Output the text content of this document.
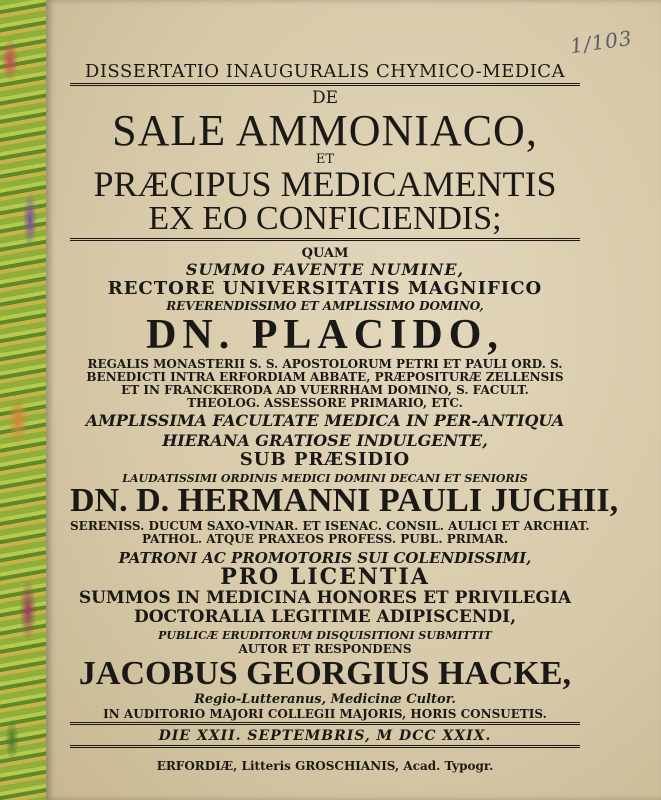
1/103
DISSERTATIO INAUGURALIS CHYMICO-MEDICA
DE
SALE AMMONIACO,
ET
PRÆCIPUS MEDICAMENTIS
EX EO CONFICIENDIS;
QUAM
SUMMO FAVENTE NUMINE,
RECTORE UNIVERSITATIS MAGNIFICO
REVERENDISSIMO ET AMPLISSIMO DOMINO,
DN. PLACIDO,
REGALIS MONASTERII S. S. APOSTOLORUM PETRI ET PAULI ORD. S.
BENEDICTI INTRA ERFORDIAM ABBATE, PRÆPOSITURÆ ZELLENSIS
ET IN FRANCKERODA AD VUERRHAM DOMINO, S. FACULT.
THEOLOG. ASSESSORE PRIMARIO, ETC.
AMPLISSIMA FACULTATE MEDICA IN PER-ANTIQUA
HIERANA GRATIOSE INDULGENTE,
SUB PRÆSIDIO
LAUDATISSIMI ORDINIS MEDICI DOMINI DECANI ET SENIORIS
DN. D. HERMANNI PAULI JUCHII,
SERENISS. DUCUM SAXO-VINAR. ET ISENAC. CONSIL. AULICI ET ARCHIAT.
PATHOL. ATQUE PRAXEOS PROFESS. PUBL. PRIMAR.
PATRONI AC PROMOTORIS SUI COLENDISSIMI,
PRO LICENTIA
SUMMOS IN MEDICINA HONORES ET PRIVILEGIA
DOCTORALIA LEGITIME ADIPISCENDI,
PUBLICÆ ERUDITORUM DISQUISITIONI SUBMITTIT
AUTOR ET RESPONDENS
JACOBUS GEORGIUS HACKE,
Regio-Lutteranus, Medicinæ Cultor.
IN AUDITORIO MAJORI COLLEGII MAJORIS, HORIS CONSUETIS.
DIE XXII. SEPTEMBRIS, M DCC XXIX.
ERFORDIÆ, Litteris GROSCHIANIS, Acad. Typogr.
